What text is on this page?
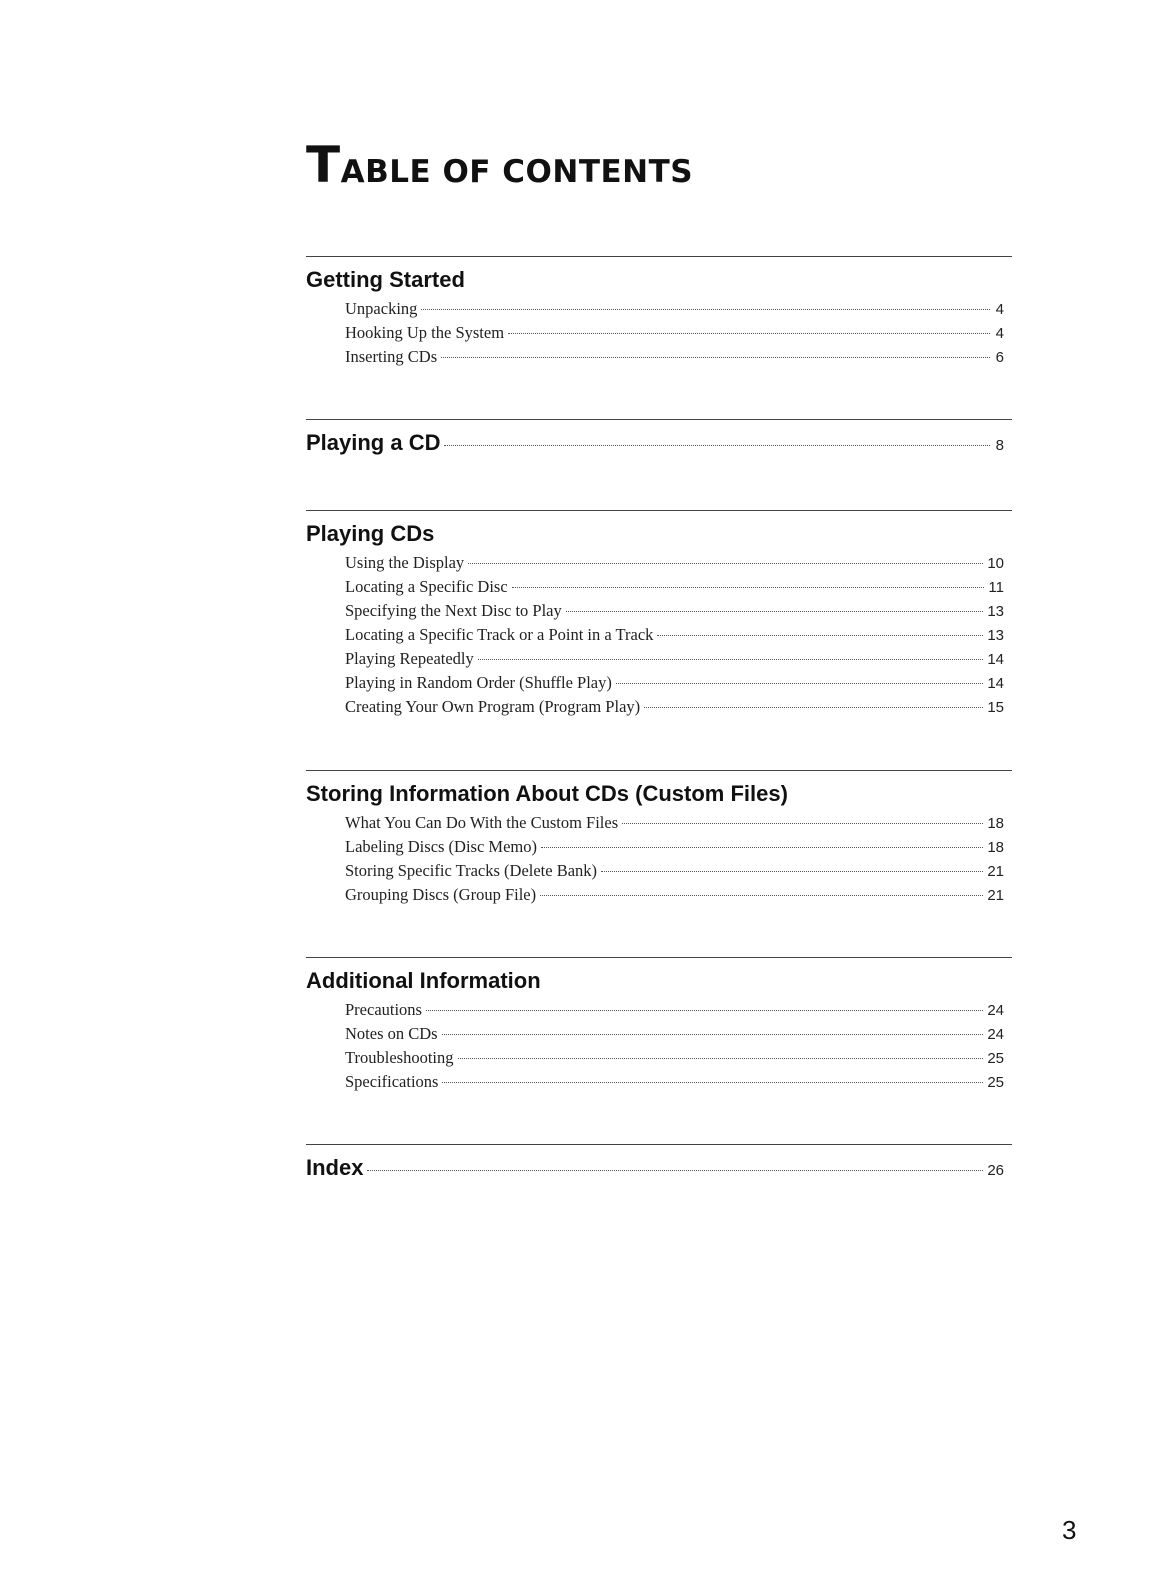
TABLE OF CONTENTS
Getting Started
Unpacking	4
Hooking Up the System	4
Inserting CDs	6
Playing a CD	8
Playing CDs
Using the Display	10
Locating a Specific Disc	11
Specifying the Next Disc to Play	13
Locating a Specific Track or a Point in a Track	13
Playing Repeatedly	14
Playing in Random Order (Shuffle Play)	14
Creating Your Own Program (Program Play)	15
Storing Information About CDs (Custom Files)
What You Can Do With the Custom Files	18
Labeling Discs (Disc Memo)	18
Storing Specific Tracks (Delete Bank)	21
Grouping Discs (Group File)	21
Additional Information
Precautions	24
Notes on CDs	24
Troubleshooting	25
Specifications	25
Index	26
3
